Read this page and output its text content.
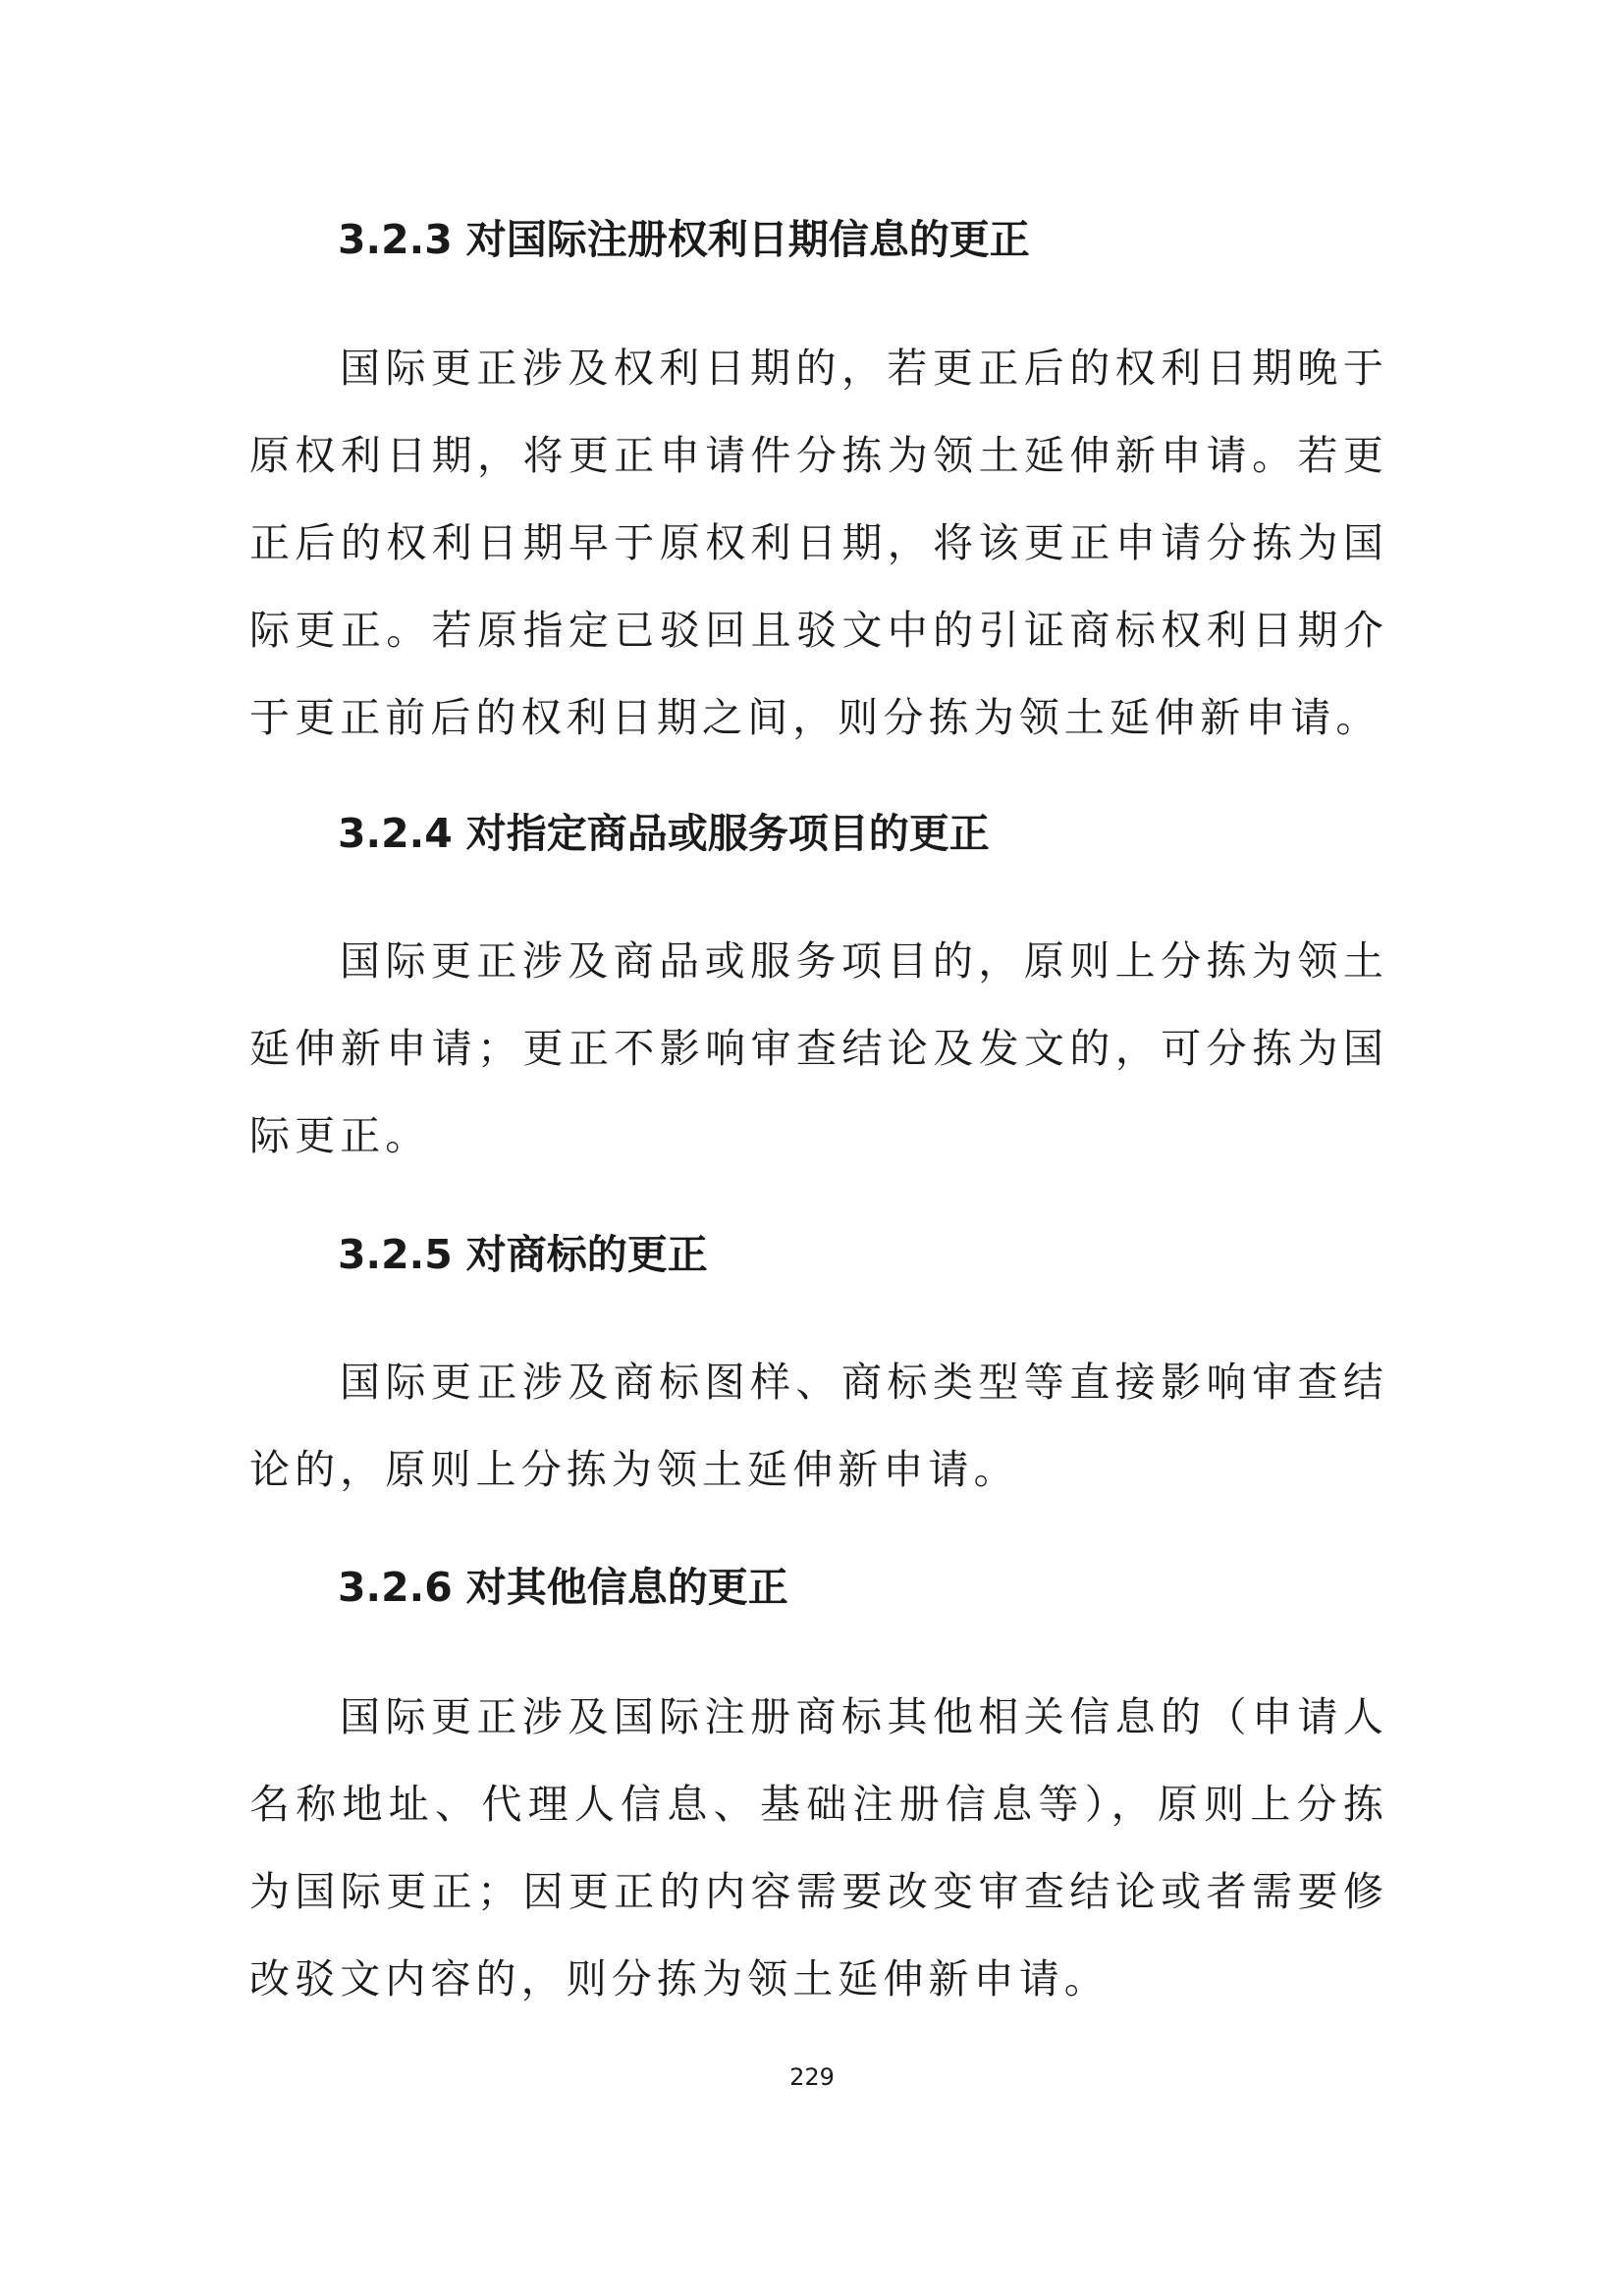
3.2.3 对国际注册权利日期信息的更正

国际更正涉及权利日期的，若更正后的权利日期晚于原权利日期，将更正申请件分拣为领土延伸新申请。若更正后的权利日期早于原权利日期，将该更正申请分拣为国际更正。若原指定已驳回且驳文中的引证商标权利日期介于更正前后的权利日期之间，则分拣为领土延伸新申请。

3.2.4 对指定商品或服务项目的更正

国际更正涉及商品或服务项目的，原则上分拣为领土延伸新申请；更正不影响审查结论及发文的，可分拣为国际更正。

3.2.5 对商标的更正

国际更正涉及商标图样、商标类型等直接影响审查结论的，原则上分拣为领土延伸新申请。

3.2.6 对其他信息的更正

国际更正涉及国际注册商标其他相关信息的（申请人名称地址、代理人信息、基础注册信息等），原则上分拣为国际更正；因更正的内容需要改变审查结论或者需要修改驳文内容的，则分拣为领土延伸新申请。

229
